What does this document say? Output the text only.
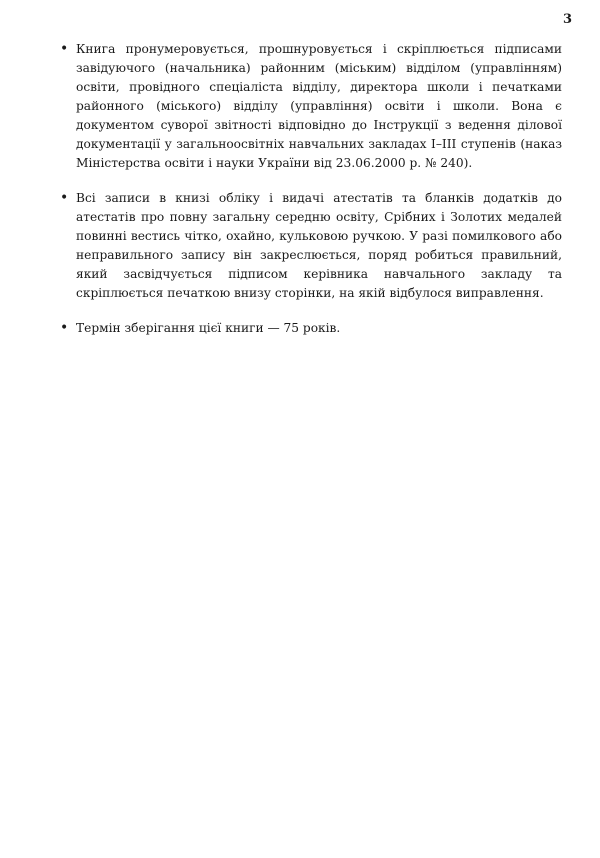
3
• Книга пронумеровується, прошнуровується і скріплюється підписами завідуючого (начальника) районним (міським) відділом (управлінням) освіти, провідного спеціаліста відділу, директора школи і печатками районного (міського) відділу (управління) освіти і школи. Вона є документом суворої звітності відповідно до Інструкції з ведення ділової документації у загальноосвітніх навчальних закладах I–III ступенів (наказ Міністерства освіти і науки України від 23.06.2000 р. № 240).
• Всі записи в книзі обліку і видачі атестатів та бланків додатків до атестатів про повну загальну середню освіту, Срібних і Золотих медалей повинні вестись чітко, охайно, кульковою ручкою. У разі помилкового або неправильного запису він закреслюється, поряд робиться правильний, який засвідчується підписом керівника навчального закладу та скріплюється печаткою внизу сторінки, на якій відбулося виправлення.
• Термін зберігання цієї книги — 75 років.
